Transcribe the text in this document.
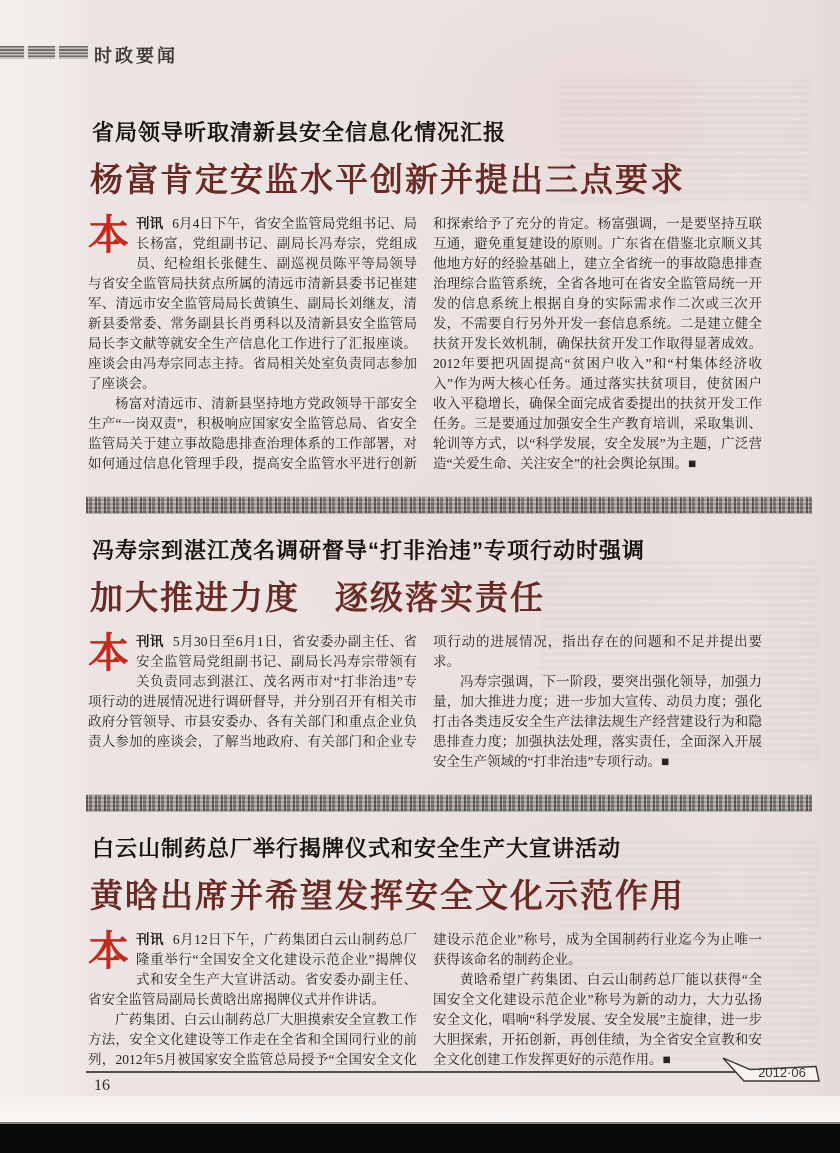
时政要闻
省局领导听取清新县安全信息化情况汇报
杨富肯定安监水平创新并提出三点要求

本刊讯 6月4日下午，省安全监管局党组书记、局长杨富，党组副书记、副局长冯寿宗，党组成员、纪检组长张健生、副巡视员陈平等局领导与省安全监管局扶贫点所属的清远市清新县委书记崔建军、清远市安全监管局局长黄镇生、副局长刘继友，清新县委常委、常务副县长肖勇科以及清新县安全监管局局长李文献等就安全生产信息化工作进行了汇报座谈。座谈会由冯寿宗同志主持。省局相关处室负责同志参加了座谈会。

杨富对清远市、清新县坚持地方党政领导干部安全生产“一岗双责”，积极响应国家安全监管总局、省安全监管局关于建立事故隐患排查治理体系的工作部署，对如何通过信息化管理手段，提高安全监管水平进行创新和探索给予了充分的肯定。杨富强调，一是要坚持互联互通，避免重复建设的原则。广东省在借鉴北京顺义其他地方好的经验基础上，建立全省统一的事故隐患排查治理综合监管系统，全省各地可在省安全监管局统一开发的信息系统上根据自身的实际需求作二次或三次开发，不需要自行另外开发一套信息系统。二是建立健全扶贫开发长效机制，确保扶贫开发工作取得显著成效。2012年要把巩固提高“贫困户收入”和“村集体经济收入”作为两大核心任务。通过落实扶贫项目，使贫困户收入平稳增长，确保全面完成省委提出的扶贫开发工作任务。三是要通过加强安全生产教育培训，采取集训、轮训等方式，以“科学发展，安全发展”为主题，广泛营造“关爱生命、关注安全”的社会舆论氛围。■

冯寿宗到湛江茂名调研督导“打非治违”专项行动时强调
加大推进力度　逐级落实责任

本刊讯 5月30日至6月1日，省安委办副主任、省安全监管局党组副书记、副局长冯寿宗带领有关负责同志到湛江、茂名两市对“打非治违”专项行动的进展情况进行调研督导，并分别召开有相关市政府分管领导、市县安委办、各有关部门和重点企业负责人参加的座谈会，了解当地政府、有关部门和企业专项行动的进展情况，指出存在的问题和不足并提出要求。

冯寿宗强调，下一阶段，要突出强化领导，加强力量，加大推进力度；进一步加大宣传、动员力度；强化打击各类违反安全生产法律法规生产经营建设行为和隐患排查力度；加强执法处理，落实责任，全面深入开展安全生产领域的“打非治违”专项行动。■

白云山制药总厂举行揭牌仪式和安全生产大宣讲活动
黄晗出席并希望发挥安全文化示范作用

本刊讯 6月12日下午，广药集团白云山制药总厂隆重举行“全国安全文化建设示范企业”揭牌仪式和安全生产大宣讲活动。省安委办副主任、省安全监管局副局长黄晗出席揭牌仪式并作讲话。

广药集团、白云山制药总厂大胆摸索安全宣教工作方法，安全文化建设等工作走在全省和全国同行业的前列，2012年5月被国家安全监管总局授予“全国安全文化建设示范企业”称号，成为全国制药行业迄今为止唯一获得该命名的制药企业。

黄晗希望广药集团、白云山制药总厂能以获得“全国安全文化建设示范企业”称号为新的动力，大力弘扬安全文化，唱响“科学发展、安全发展”主旋律，进一步大胆探索，开拓创新，再创佳绩，为全省安全宣教和安全文化创建工作发挥更好的示范作用。■

16
2012·06
